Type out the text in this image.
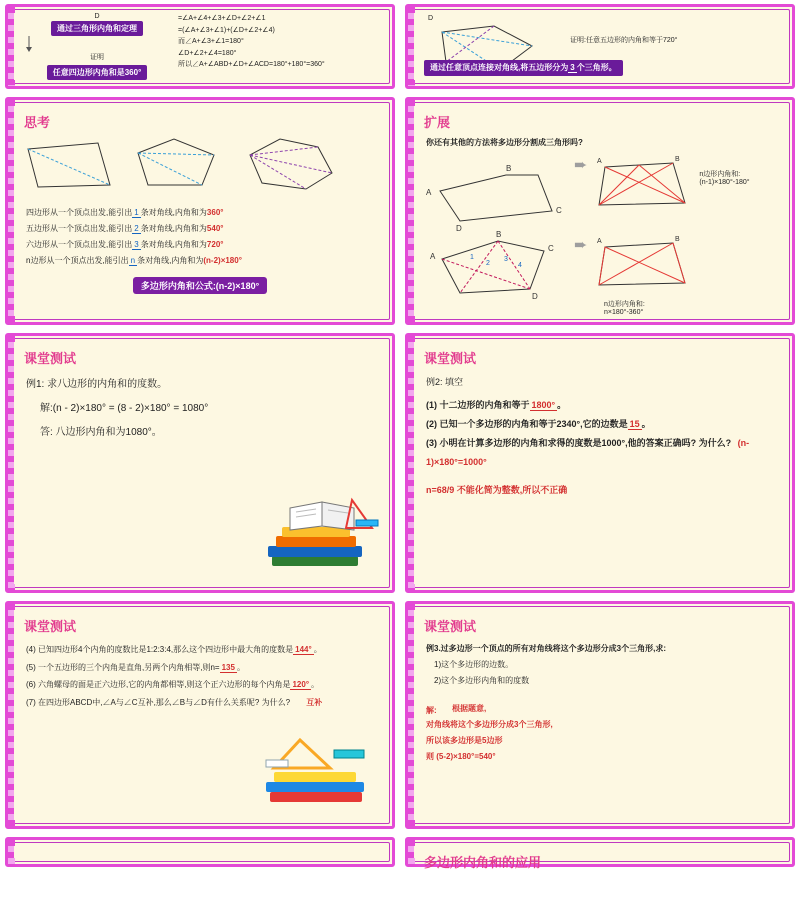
D
通过三角形内角和定理
证明
任意四边形内角和是360°
=∠A+∠4+∠3+∠D+∠2+∠1
=(∠A+∠3+∠1)+(∠D+∠2+∠4)
而∠A+∠3+∠1=180°
∠D+∠2+∠4=180°
所以∠A+∠ABD+∠D+∠ACD=180°+180°=360°
D
证明:任意五边形的内角和等于720°
通过任意顶点连接对角线,将五边形分为 3 个三角形。
思考
四边形从一个顶点出发,能引出 1 条对角线,内角和为360°
五边形从一个顶点出发,能引出 2 条对角线,内角和为540°
六边形从一个顶点出发,能引出 3 条对角线,内角和为720°
n边形从一个顶点出发,能引出 n 条对角线,内角和为(n-2)×180°
多边形内角和公式:(n-2)×180°
扩展
你还有其他的方法将多边形分割成三角形吗?
A
B
C
D
A
B
C
D
1
2
3
4
➨ A	B
n边形内角和:
(n-1)×180°-180°
➨ A	B
n边形内角和:
n×180°-360°
课堂测试
例1: 求八边形的内角和的度数。
解:(n - 2)×180° = (8 - 2)×180° = 1080°
答: 八边形内角和为1080°。
课堂测试
例2: 填空
(1) 十二边形的内角和等于 1800° 。
(2) 已知一个多边形的内角和等于2340°,它的边数是 15 。
(3) 小明在计算多边形的内角和求得的度数是1000°,他的答案正确吗? 为什么? (n-1)×180°=1000°
n=68/9 不能化简为整数,所以不正确
课堂测试
(4) 已知四边形4个内角的度数比是1:2:3:4,那么这个四边形中最大角的度数是 144° 。
(5) 一个五边形的三个内角是直角,另两个内角相等,则n= 135 。
(6) 六角螺母的面是正六边形,它的内角都相等,则这个正六边形的每个内角是 120° 。
(7) 在四边形ABCD中,∠A与∠C互补,那么∠B与∠D有什么关系呢? 为什么? 互补
课堂测试
例3.过多边形一个顶点的所有对角线将这个多边形分成3个三角形,求:
1)这个多边形的边数。
2)这个多边形内角和的度数
解:	根据题意,
对角线将这个多边形分成3个三角形,
所以该多边形是5边形
则 (5-2)×180°=540°
多边形内角和的应用
